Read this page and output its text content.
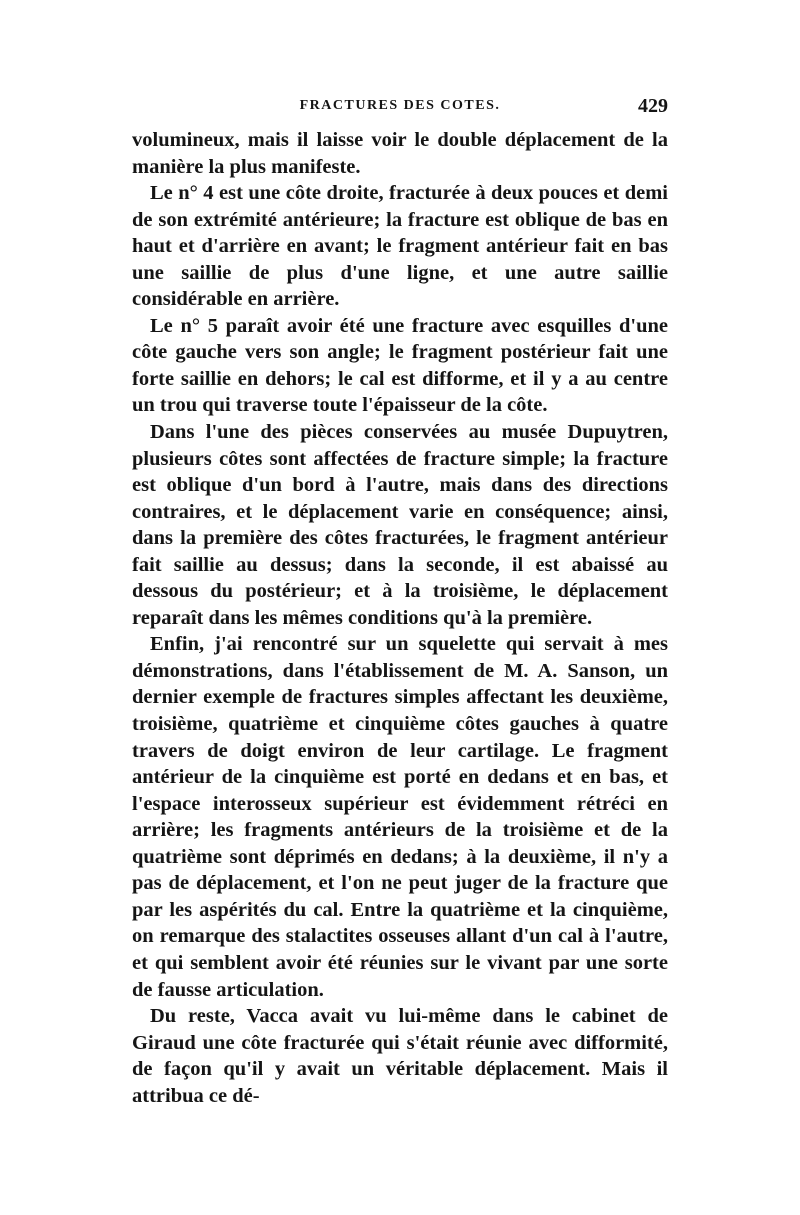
FRACTURES DES COTES.	429

volumineux, mais il laisse voir le double déplacement de la manière la plus manifeste.

Le n° 4 est une côte droite, fracturée à deux pouces et demi de son extrémité antérieure; la fracture est oblique de bas en haut et d'arrière en avant; le fragment antérieur fait en bas une saillie de plus d'une ligne, et une autre saillie considérable en arrière.

Le n° 5 paraît avoir été une fracture avec esquilles d'une côte gauche vers son angle; le fragment postérieur fait une forte saillie en dehors; le cal est difforme, et il y a au centre un trou qui traverse toute l'épaisseur de la côte.

Dans l'une des pièces conservées au musée Dupuytren, plusieurs côtes sont affectées de fracture simple; la fracture est oblique d'un bord à l'autre, mais dans des directions contraires, et le déplacement varie en conséquence; ainsi, dans la première des côtes fracturées, le fragment antérieur fait saillie au dessus; dans la seconde, il est abaissé au dessous du postérieur; et à la troisième, le déplacement reparaît dans les mêmes conditions qu'à la première.

Enfin, j'ai rencontré sur un squelette qui servait à mes démonstrations, dans l'établissement de M. A. Sanson, un dernier exemple de fractures simples affectant les deuxième, troisième, quatrième et cinquième côtes gauches à quatre travers de doigt environ de leur cartilage. Le fragment antérieur de la cinquième est porté en dedans et en bas, et l'espace interosseux supérieur est évidemment rétréci en arrière; les fragments antérieurs de la troisième et de la quatrième sont déprimés en dedans; à la deuxième, il n'y a pas de déplacement, et l'on ne peut juger de la fracture que par les aspérités du cal. Entre la quatrième et la cinquième, on remarque des stalactites osseuses allant d'un cal à l'autre, et qui semblent avoir été réunies sur le vivant par une sorte de fausse articulation.

Du reste, Vacca avait vu lui-même dans le cabinet de Giraud une côte fracturée qui s'était réunie avec difformité, de façon qu'il y avait un véritable déplacement. Mais il attribua ce dé-
